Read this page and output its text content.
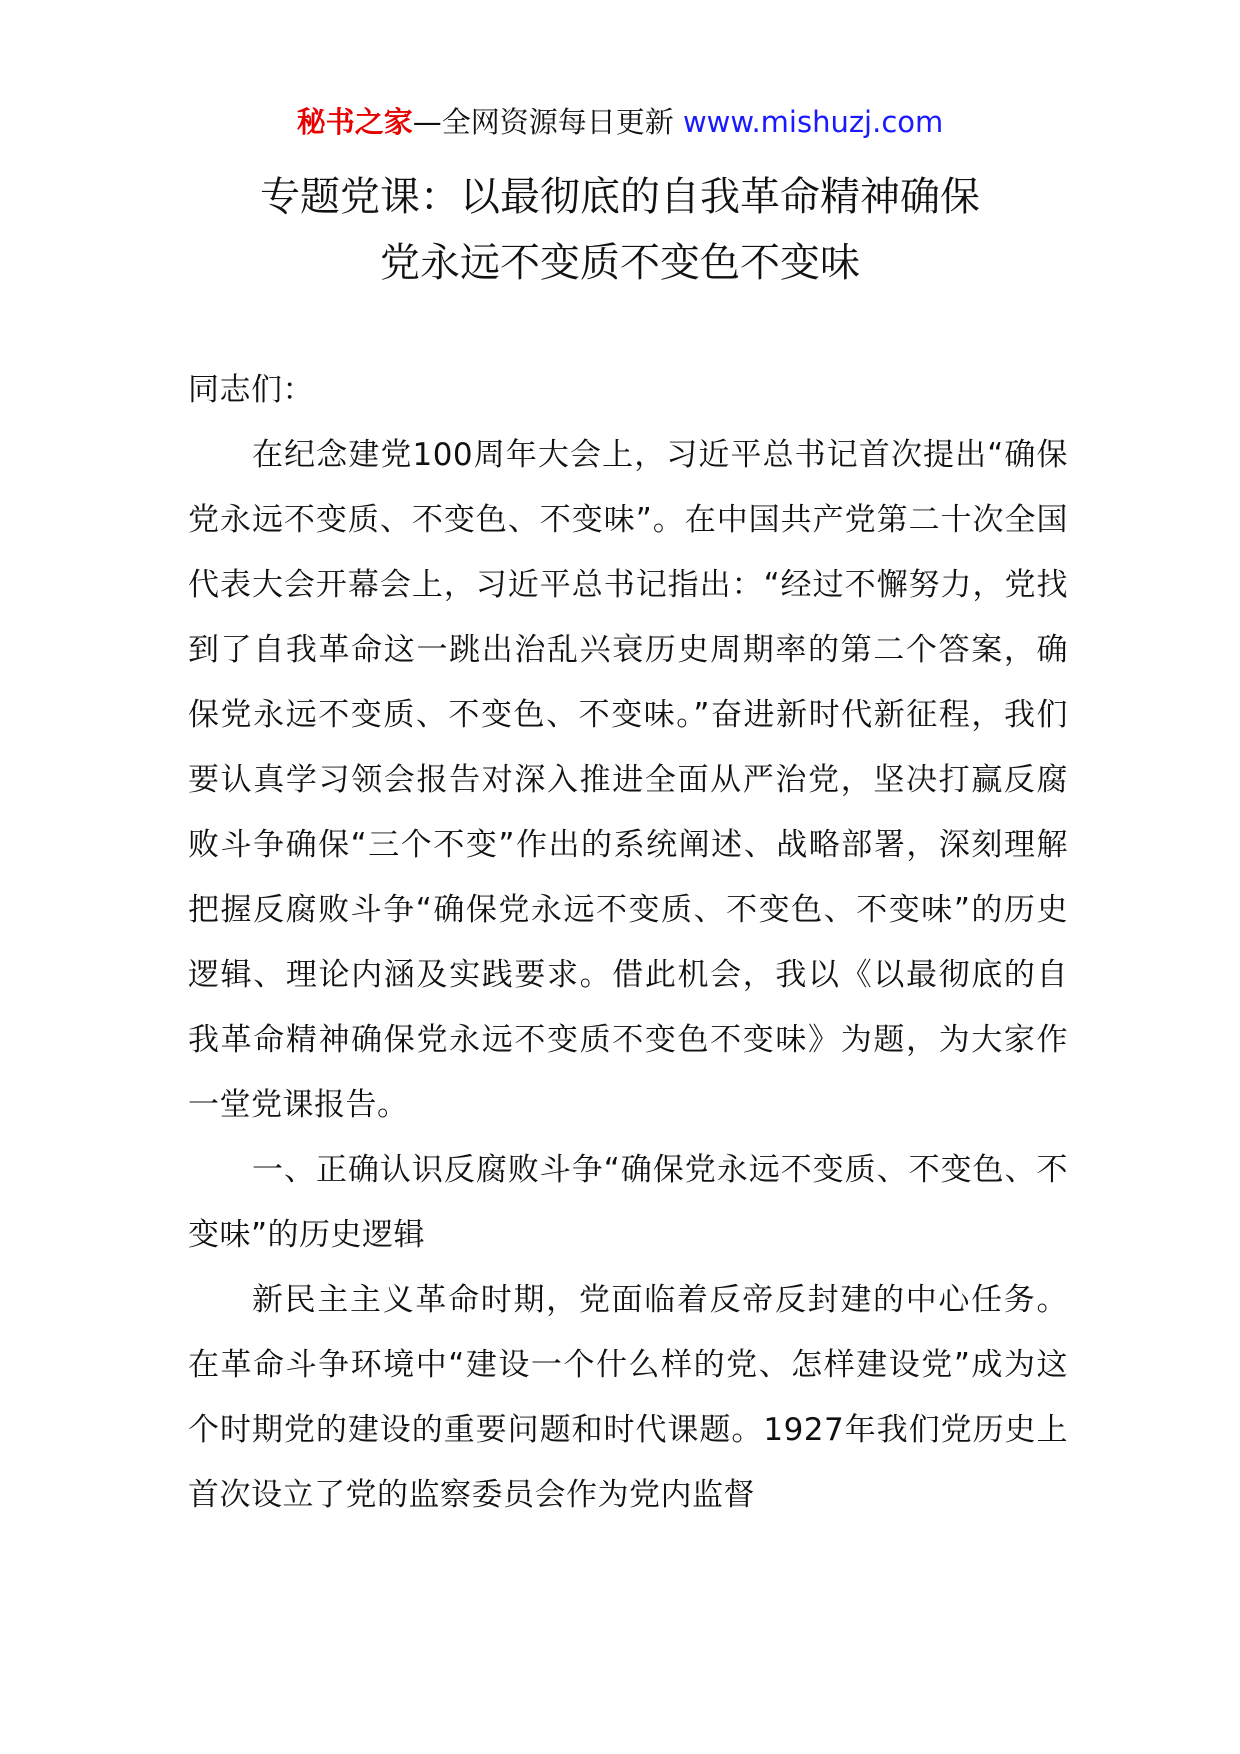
秘书之家—全网资源每日更新 www.mishuzj.com
专题党课：以最彻底的自我革命精神确保
党永远不变质不变色不变味

同志们：

在纪念建党100周年大会上，习近平总书记首次提出“确保党永远不变质、不变色、不变味”。在中国共产党第二十次全国代表大会开幕会上，习近平总书记指出：“经过不懈努力，党找到了自我革命这一跳出治乱兴衰历史周期率的第二个答案，确保党永远不变质、不变色、不变味。”奋进新时代新征程，我们要认真学习领会报告对深入推进全面从严治党，坚决打赢反腐败斗争确保“三个不变”作出的系统阐述、战略部署，深刻理解把握反腐败斗争“确保党永远不变质、不变色、不变味”的历史逻辑、理论内涵及实践要求。借此机会，我以《以最彻底的自我革命精神确保党永远不变质不变色不变味》为题，为大家作一堂党课报告。

一、正确认识反腐败斗争“确保党永远不变质、不变色、不变味”的历史逻辑

新民主主义革命时期，党面临着反帝反封建的中心任务。在革命斗争环境中“建设一个什么样的党、怎样建设党”成为这个时期党的建设的重要问题和时代课题。1927年我们党历史上首次设立了党的监察委员会作为党内监督
